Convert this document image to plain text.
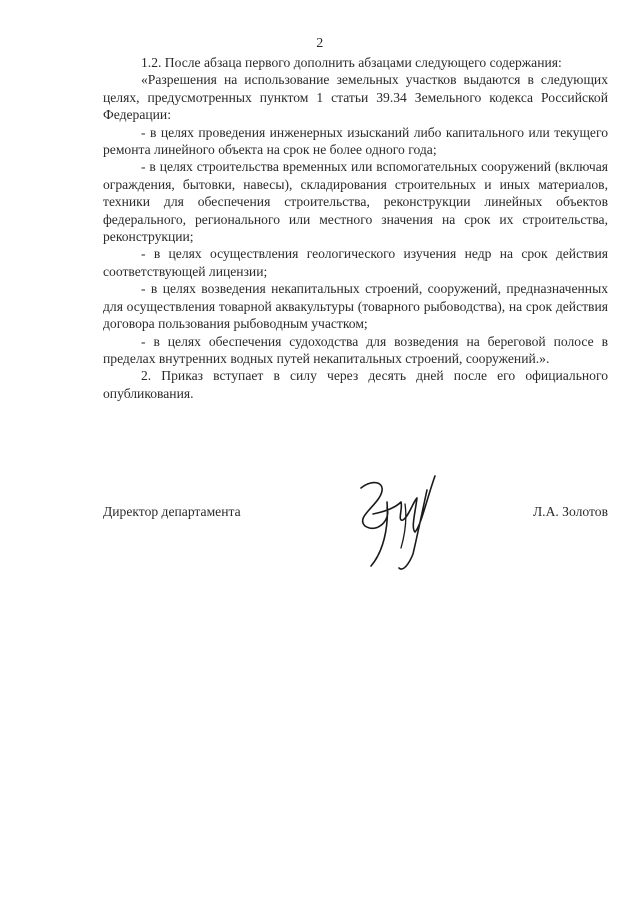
2

1.2. После абзаца первого дополнить абзацами следующего содержания:

«Разрешения на использование земельных участков выдаются в следующих целях, предусмотренных пунктом 1 статьи 39.34 Земельного кодекса Российской Федерации:

- в целях проведения инженерных изысканий либо капитального или текущего ремонта линейного объекта на срок не более одного года;

- в целях строительства временных или вспомогательных сооружений (включая ограждения, бытовки, навесы), складирования строительных и иных материалов, техники для обеспечения строительства, реконструкции линейных объектов федерального, регионального или местного значения на срок их строительства, реконструкции;

- в целях осуществления геологического изучения недр на срок действия соответствующей лицензии;

- в целях возведения некапитальных строений, сооружений, предназначенных для осуществления товарной аквакультуры (товарного рыбоводства), на срок действия договора пользования рыбоводным участком;

- в целях обеспечения судоходства для возведения на береговой полосе в пределах внутренних водных путей некапитальных строений, сооружений.».

2. Приказ вступает в силу через десять дней после его официального опубликования.

Директор департамента	Л.А. Золотов
